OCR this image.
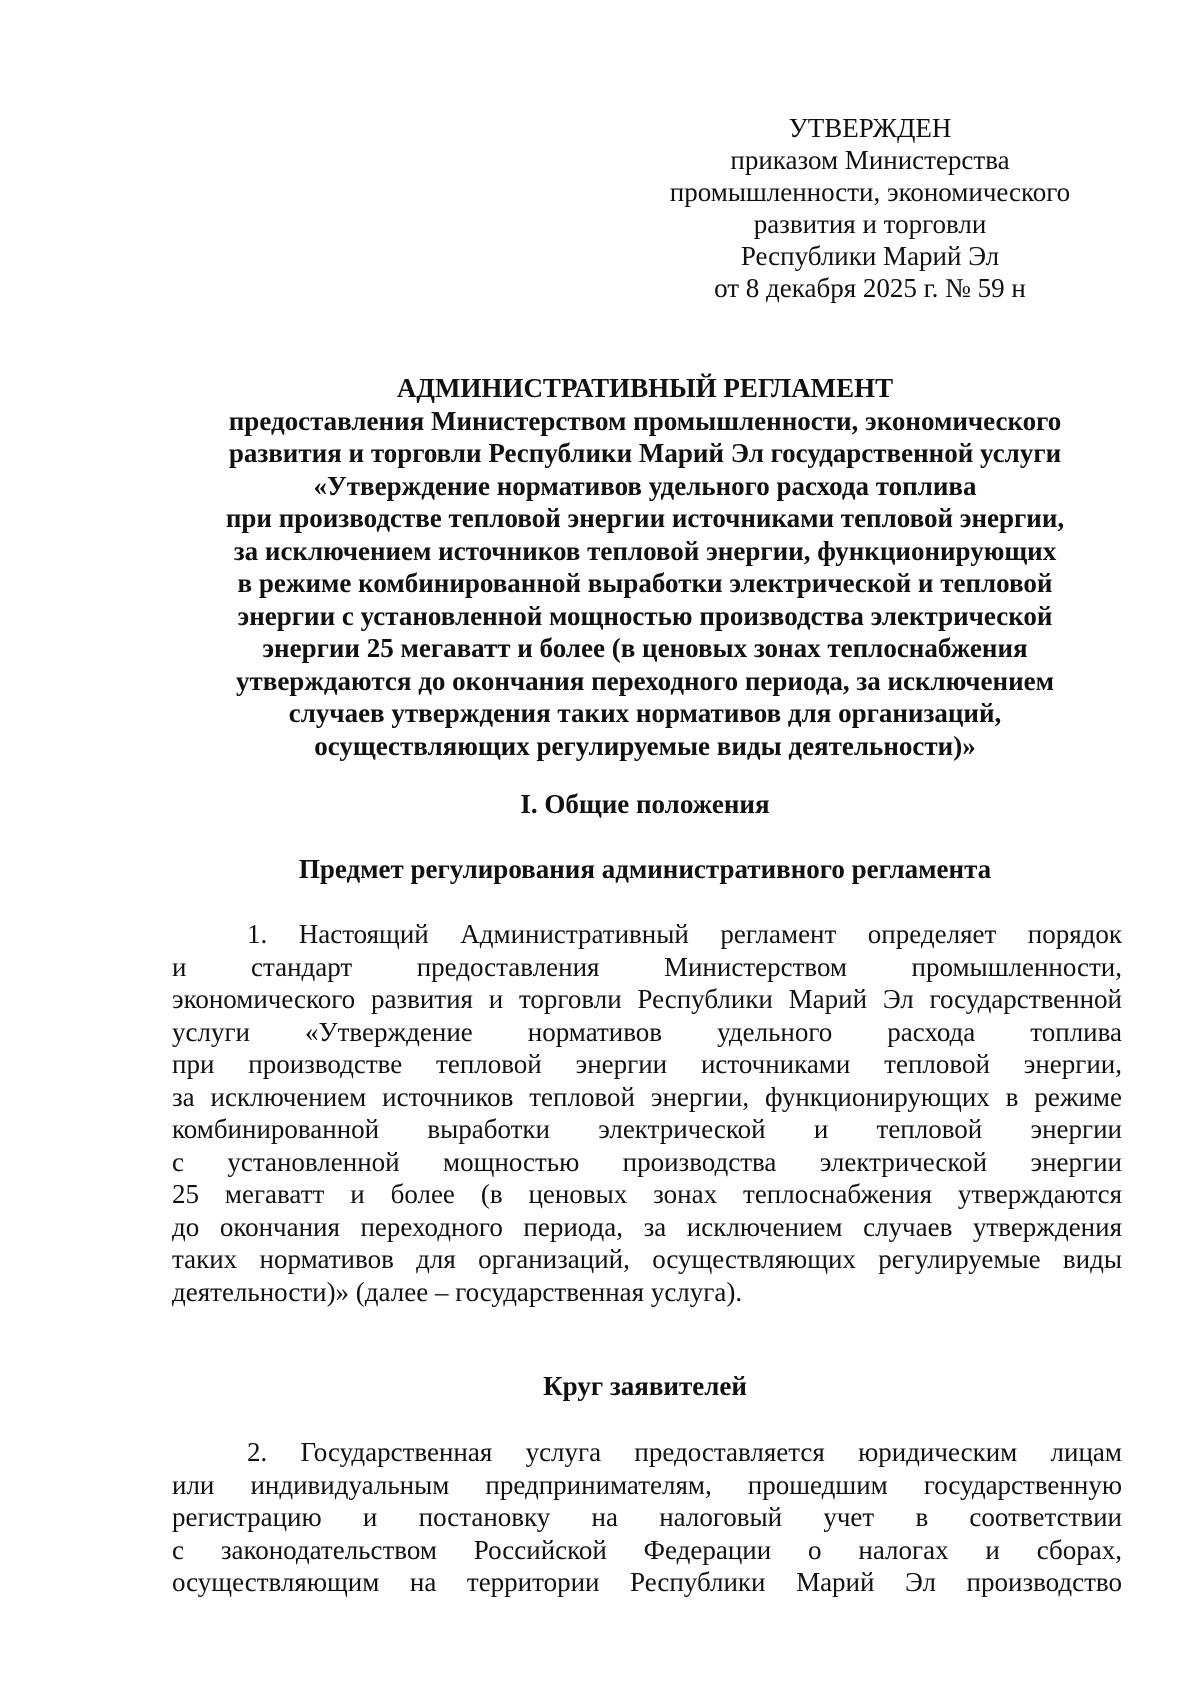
УТВЕРЖДЕН
приказом Министерства
промышленности, экономического
развития и торговли
Республики Марий Эл
от 8 декабря 2025 г. № 59 н
АДМИНИСТРАТИВНЫЙ РЕГЛАМЕНТ
предоставления Министерством промышленности, экономического
развития и торговли Республики Марий Эл государственной услуги
«Утверждение нормативов удельного расхода топлива
при производстве тепловой энергии источниками тепловой энергии,
за исключением источников тепловой энергии, функционирующих
в режиме комбинированной выработки электрической и тепловой
энергии с установленной мощностью производства электрической
энергии 25 мегаватт и более (в ценовых зонах теплоснабжения
утверждаются до окончания переходного периода, за исключением
случаев утверждения таких нормативов для организаций,
осуществляющих регулируемые виды деятельности)»
I. Общие положения
Предмет регулирования административного регламента
1. Настоящий Административный регламент определяет порядок
и стандарт предоставления Министерством промышленности,
экономического развития и торговли Республики Марий Эл государственной
услуги «Утверждение нормативов удельного расхода топлива
при производстве тепловой энергии источниками тепловой энергии,
за исключением источников тепловой энергии, функционирующих в режиме
комбинированной выработки электрической и тепловой энергии
с установленной мощностью производства электрической энергии
25 мегаватт и более (в ценовых зонах теплоснабжения утверждаются
до окончания переходного периода, за исключением случаев утверждения
таких нормативов для организаций, осуществляющих регулируемые виды
деятельности)» (далее – государственная услуга).
Круг заявителей
2. Государственная услуга предоставляется юридическим лицам
или индивидуальным предпринимателям, прошедшим государственную
регистрацию и постановку на налоговый учет в соответствии
с законодательством Российской Федерации о налогах и сборах,
осуществляющим на территории Республики Марий Эл производство
